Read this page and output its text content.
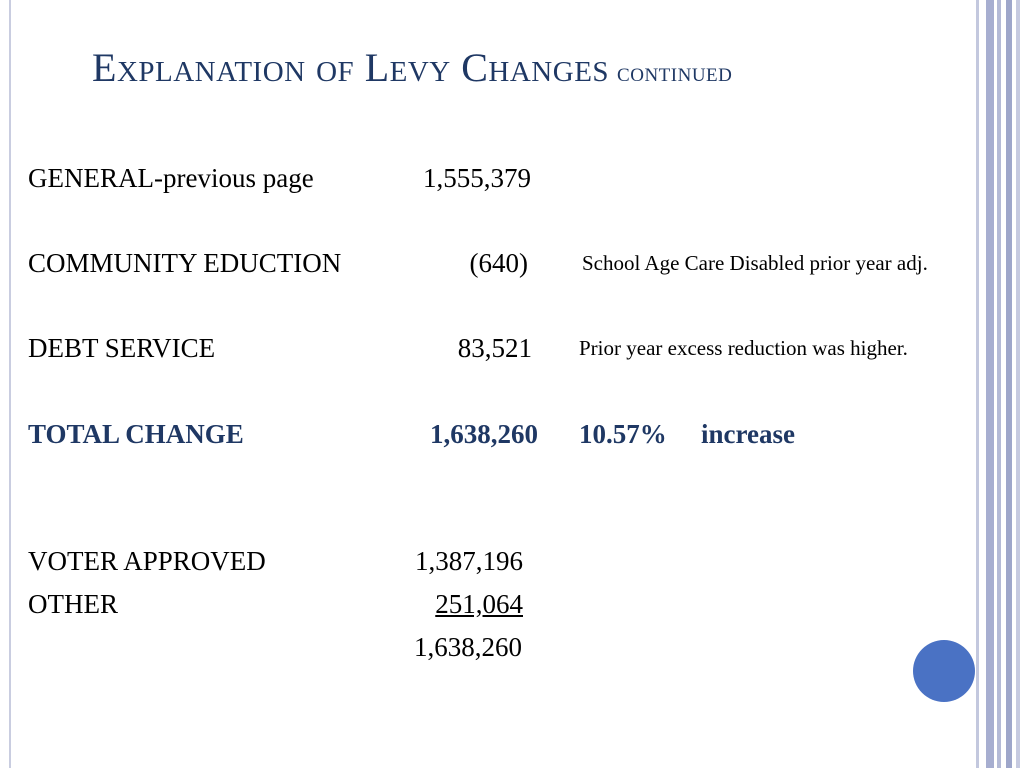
EXPLANATION OF LEVY CHANGES CONTINUED
GENERAL-previous page	1,555,379
COMMUNITY EDUCTION	(640)	School Age Care Disabled prior year adj.
DEBT SERVICE	83,521 Prior year excess reduction was higher.
TOTAL CHANGE	1,638,260 10.57% increase
VOTER APPROVED	1,387,196
OTHER	251,064
1,638,260
